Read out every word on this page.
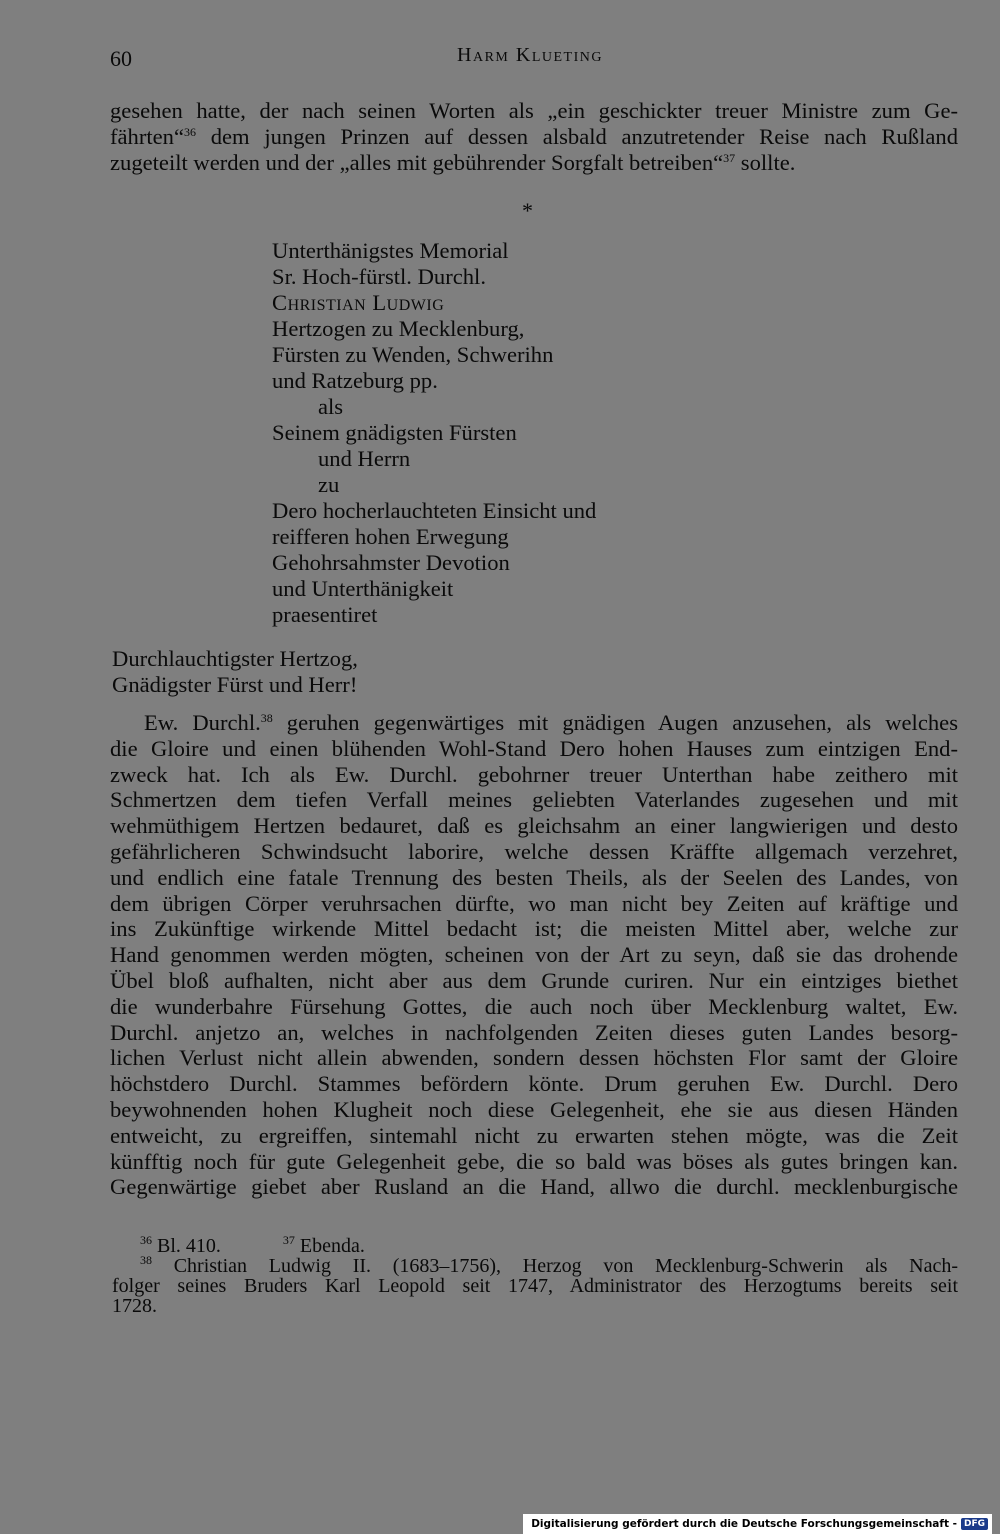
60	Harm Klueting
gesehen hatte, der nach seinen Worten als „ein geschickter treuer Ministre zum Ge-
fährten“$^{36}$ dem jungen Prinzen auf dessen alsbald anzutretender Reise nach Rußland
zugeteilt werden und der „alles mit gebührender Sorgfalt betreiben“$^{37}$ sollte.
*
Unterthänigstes Memorial
Sr. Hoch-fürstl. Durchl.
Christian Ludwig
Hertzogen zu Mecklenburg,
Fürsten zu Wenden, Schwerihn
und Ratzeburg pp.
als
Seinem gnädigsten Fürsten
und Herrn
zu
Dero hocherlauchteten Einsicht und
reifferen hohen Erwegung
Gehohrsahmster Devotion
und Unterthänigkeit
praesentiret
Durchlauchtigster Hertzog,
Gnädigster Fürst und Herr!
Ew. Durchl.$^{38}$ geruhen gegenwärtiges mit gnädigen Augen anzusehen, als welches
die Gloire und einen blühenden Wohl-Stand Dero hohen Hauses zum eintzigen End-
zweck hat. Ich als Ew. Durchl. gebohrner treuer Unterthan habe zeithero mit
Schmertzen dem tiefen Verfall meines geliebten Vaterlandes zugesehen und mit
wehmüthigem Hertzen bedauret, daß es gleichsahm an einer langwierigen und desto
gefährlicheren Schwindsucht laborire, welche dessen Kräffte allgemach verzehret,
und endlich eine fatale Trennung des besten Theils, als der Seelen des Landes, von
dem übrigen Cörper veruhrsachen dürfte, wo man nicht bey Zeiten auf kräftige und
ins Zukünftige wirkende Mittel bedacht ist; die meisten Mittel aber, welche zur
Hand genommen werden mögten, scheinen von der Art zu seyn, daß sie das drohende
Übel bloß aufhalten, nicht aber aus dem Grunde curiren. Nur ein eintziges biethet
die wunderbahre Fürsehung Gottes, die auch noch über Mecklenburg waltet, Ew.
Durchl. anjetzo an, welches in nachfolgenden Zeiten dieses guten Landes besorg-
lichen Verlust nicht allein abwenden, sondern dessen höchsten Flor samt der Gloire
höchstdero Durchl. Stammes befördern könte. Drum geruhen Ew. Durchl. Dero
beywohnenden hohen Klugheit noch diese Gelegenheit, ehe sie aus diesen Händen
entweicht, zu ergreiffen, sintemahl nicht zu erwarten stehen mögte, was die Zeit
künfftig noch für gute Gelegenheit gebe, die so bald was böses als gutes bringen kan.
Gegenwärtige giebet aber Rusland an die Hand, allwo die durchl. mecklenburgische
$^{36}$ Bl. 410.	$^{37}$ Ebenda.
$^{38}$ Christian Ludwig II. (1683–1756), Herzog von Mecklenburg-Schwerin als Nach-
folger seines Bruders Karl Leopold seit 1747, Administrator des Herzogtums bereits seit
1728.
Digitalisierung gefördert durch die Deutsche Forschungsgemeinschaft - DFG
